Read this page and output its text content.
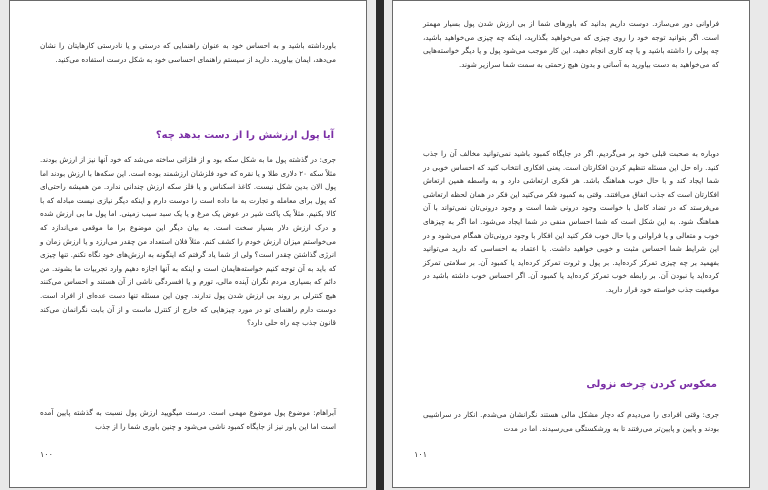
باورداشته باشید و به احساس خود به عنوان راهنمایی که درستی و یا نادرستی کارهایتان را نشان می‌دهد، ایمان بیاورید. دارید از سیستم راهنمای احساسی خود به شکل درست استفاده می‌کنید.

آیا پول ارزشش را از دست بدهد چه؟

جری: در گذشته پول ما به شکل سکه بود و از فلزاتی ساخته می‌شد که خود آنها نیز از ارزش بودند. مثلاً سکه ۲۰ دلاری طلا و یا نقره که خود فلزشان ارزشمند بوده است. این سکه‌ها با ارزش بودند اما پول الان بدین شکل نیست. کاغذ اسکناس و یا فلز سکه ارزش چندانی ندارد. من همیشه راحتی‌ای که پول برای معامله و تجارت به ما داده است را دوست دارم و اینکه دیگر نیازی نیست مبادله که با کالا بکنیم. مثلاً یک پاکت شیر در عوض یک مرغ و یا یک سبد سیب زمینی. اما پول ما بی ارزش شده و درک ارزش دلار بسیار سخت است. به بیان دیگر این موضوع برا ما موقعی می‌اندازد که می‌خواستم میزان ارزش خودم را کشف کنم. مثلاً فلان استعداد من چقدر می‌ارزد و یا ارزش زمان و انرژی گذاشتن چقدر است؟ ولی از شما یاد گرفتم که اینگونه به ارزش‌های خود نگاه نکنم. تنها چیزی که باید به آن توجه کنیم خواسته‌هایمان است و اینکه به آنها اجازه دهیم وارد تجربیات ما بشوند. من دائم که بسیاری مردم نگران آینده مالی، تورم و یا افسردگی ناشی از آن هستند و احساس می‌کنند هیچ کنترلی بر روند بی ارزش شدن پول ندارند. چون این مسئله تنها دست عده‌ای از افراد است. دوست دارم راهنمای تو در مورد چیزهایی که خارج از کنترل ماست و از آن بابت نگرانمان می‌کند قانون جذب چه راه حلی دارد؟

آبراهام: موضوع پول موضوع مهمی است. درست میگویید ارزش پول نسبت به گذشته پایین آمده است اما این باور نیز از جایگاه کمبود ناشی می‌شود و چنین باوری شما را از جذب

۱۰۰

فراوانی دور می‌سازد. دوست داریم بدانید که باورهای شما از بی ارزش شدن پول بسیار مهمتر است. اگر بتوانید توجه خود را روی چیزی که می‌خواهید بگذارید، اینکه چه چیزی می‌خواهید باشید، چه پولی را داشته باشید و یا چه کاری انجام دهید، این کار موجب می‌شود پول و یا دیگر خواسته‌هایی که می‌خواهید به دست بیاورید به آسانی و بدون هیچ زحمتی به سمت شما سرازیر شوند.

دوباره به صحبت قبلی خود بر می‌گردیم. اگر در جایگاه کمبود باشید نمی‌توانید مخالف آن را جذب کنید. راه حل این مسئله تنظیم کردن افکارتان است. یعنی افکاری انتخاب کنید که احساس خوبی در شما ایجاد کند و با حال خوب هماهنگ باشد. هر فکری ارتعاشی دارد و به واسطه همین ارتعاش افکارتان است که جذب اتفاق می‌افتند. وقتی به کمبود فکر می‌کنید این فکر در همان لحظه ارتعاشی می‌فرستد که در تضاد کامل با خواست وجود درونی شما است و وجود درونی‌تان نمی‌تواند با آن هماهنگ شود. به این شکل است که شما احساس منفی در شما ایجاد می‌شود. اما اگر به چیزهای خوب و متعالی و یا فراوانی و یا حال خوب فکر کنید این افکار با وجود درونی‌تان همگام می‌شود و در این شرایط شما احساس مثبت و خوبی خواهید داشت. با اعتماد به احساسی که دارید می‌توانید بفهمید بر چه چیزی تمرکز کرده‌اید. بر پول و ثروت تمرکز کرده‌اید یا کمبود آن. بر سلامتی تمرکز کرده‌اید یا نبودن آن. بر رابطه خوب تمرکز کرده‌اید یا کمبود آن. اگر احساس خوب داشته باشید در موقعیت جذب خواسته خود قرار دارید.

معکوس کردن چرخه نزولی

جری: وقتی افرادی را می‌دیدم که دچار مشکل مالی هستند نگرانشان می‌شدم. انکار در سراشیبی بودند و پایین و پایین‌تر می‌رفتند تا به ورشکستگی می‌رسیدند. اما در مدت

۱۰۱
